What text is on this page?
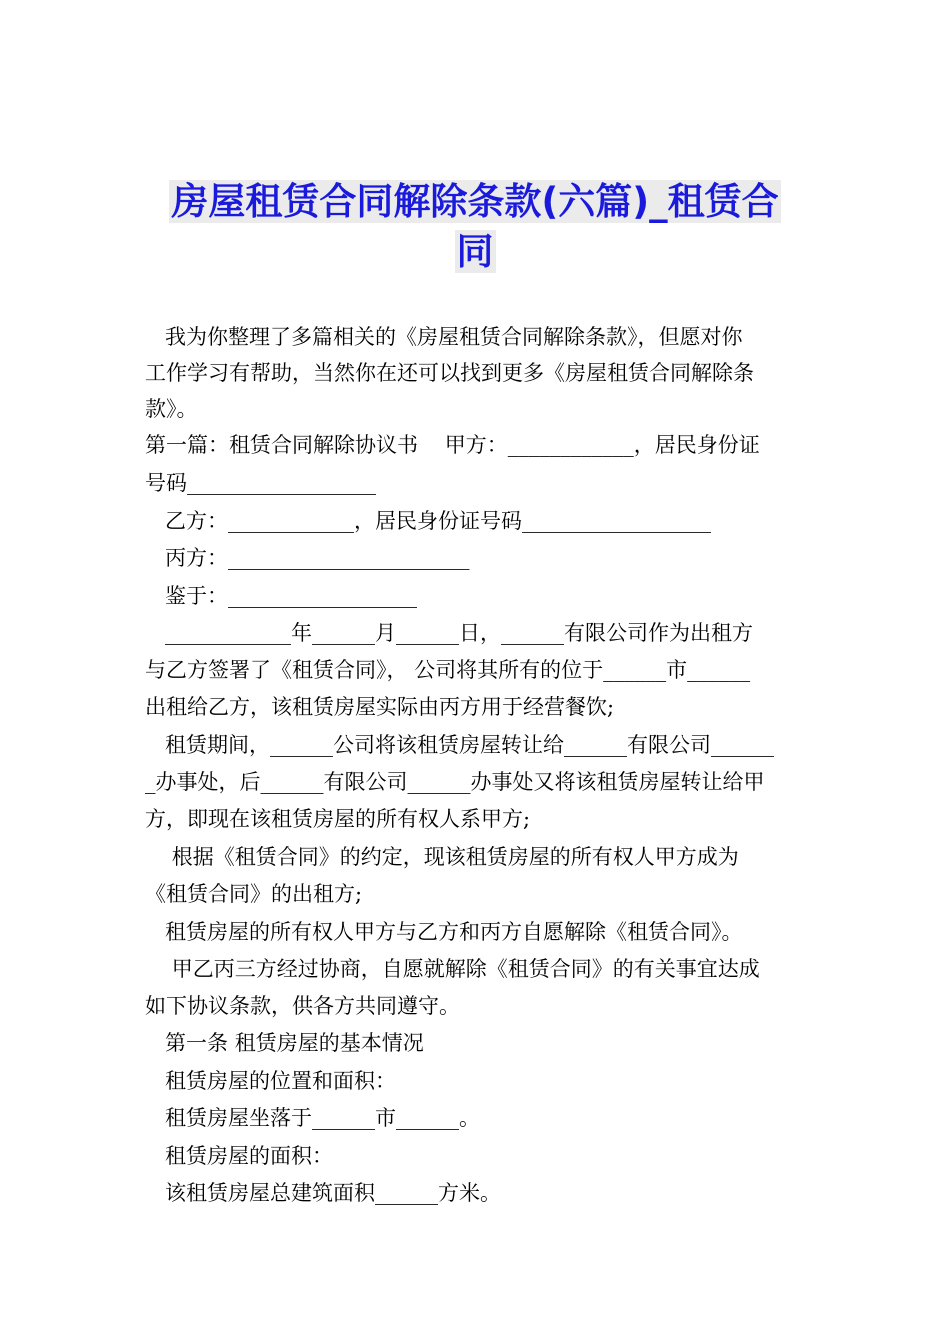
房屋租赁合同解除条款(六篇)_租赁合
同
我为你整理了多篇相关的《房屋租赁合同解除条款》，但愿对你
工作学习有帮助，当然你在还可以找到更多《房屋租赁合同解除条
款》。
第一篇：租赁合同解除协议书    甲方：____________，居民身份证
号码__________________
乙方：____________，居民身份证号码__________________
丙方：_______________________
鉴于：__________________
____________年______月______日，______有限公司作为出租方
与乙方签署了《租赁合同》， 公司将其所有的位于______市______
出租给乙方，该租赁房屋实际由丙方用于经营餐饮;
租赁期间，______公司将该租赁房屋转让给______有限公司______
_办事处，后______有限公司______办事处又将该租赁房屋转让给甲
方，即现在该租赁房屋的所有权人系甲方;
根据《租赁合同》的约定，现该租赁房屋的所有权人甲方成为
《租赁合同》的出租方;
租赁房屋的所有权人甲方与乙方和丙方自愿解除《租赁合同》。
甲乙丙三方经过协商，自愿就解除《租赁合同》的有关事宜达成
如下协议条款，供各方共同遵守。
第一条 租赁房屋的基本情况
租赁房屋的位置和面积：
租赁房屋坐落于______市______。
租赁房屋的面积：
该租赁房屋总建筑面积______方米。
